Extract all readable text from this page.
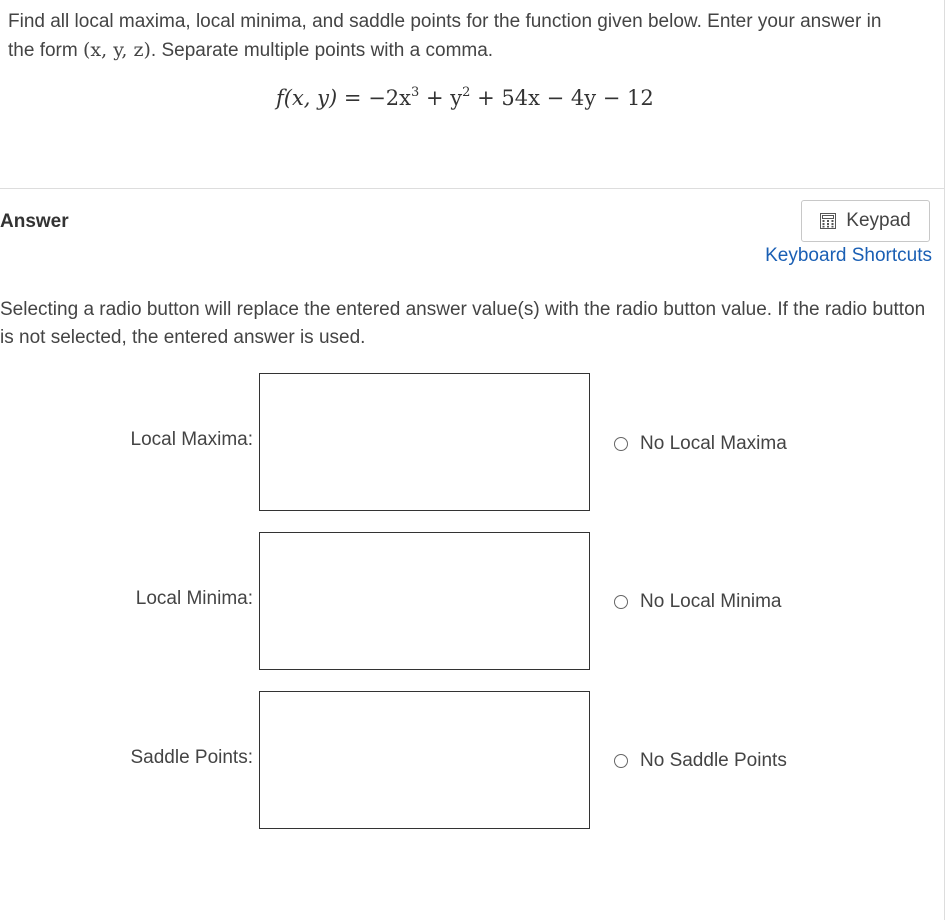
Find all local maxima, local minima, and saddle points for the function given below. Enter your answer in
the form (x, y, z). Separate multiple points with a comma.
f(x, $y) = -2x^3 + y^2 + 54x - 4y - 12$
Answer	Keypad
Keyboard Shortcuts
Selecting a radio button will replace the entered answer value(s) with the radio button value. If the radio button is not selected, the entered answer is used.
Local Maxima:	No Local Maxima
Local Minima:	No Local Minima
Saddle Points:	No Saddle Points
